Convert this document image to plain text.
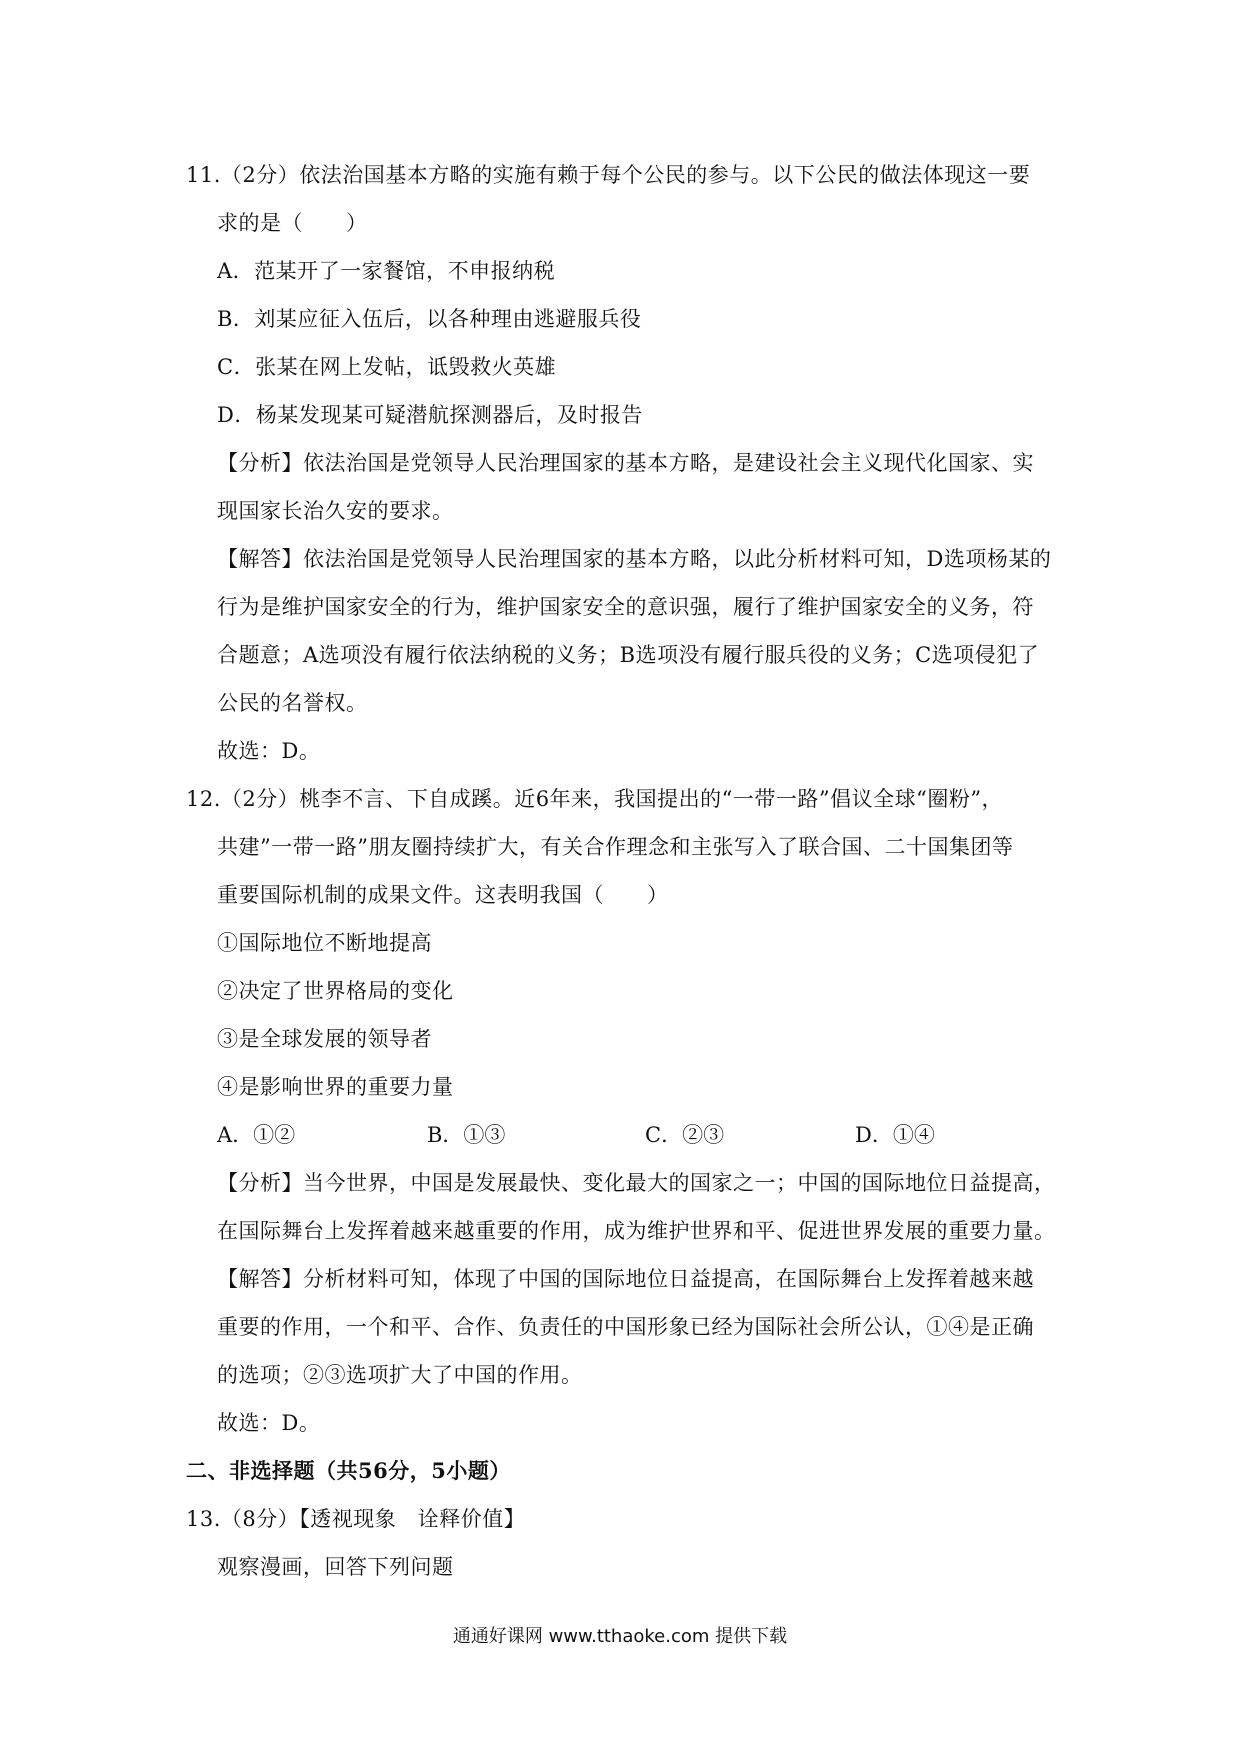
11.（2分）依法治国基本方略的实施有赖于每个公民的参与。以下公民的做法体现这一要
求的是（　　）
A．范某开了一家餐馆，不申报纳税
B．刘某应征入伍后，以各种理由逃避服兵役
C．张某在网上发帖，诋毁救火英雄
D．杨某发现某可疑潜航探测器后，及时报告
【分析】依法治国是党领导人民治理国家的基本方略，是建设社会主义现代化国家、实
现国家长治久安的要求。
【解答】依法治国是党领导人民治理国家的基本方略，以此分析材料可知，D选项杨某的
行为是维护国家安全的行为，维护国家安全的意识强，履行了维护国家安全的义务，符
合题意；A选项没有履行依法纳税的义务；B选项没有履行服兵役的义务；C选项侵犯了
公民的名誉权。
故选：D。
12.（2分）桃李不言、下自成蹊。近6年来，我国提出的“一带一路”倡议全球“圈粉”，
共建”一带一路”朋友圈持续扩大，有关合作理念和主张写入了联合国、二十国集团等
重要国际机制的成果文件。这表明我国（　　）
①国际地位不断地提高
②决定了世界格局的变化
③是全球发展的领导者
④是影响世界的重要力量
A．①②	B．①③	C．②③	D．①④
【分析】当今世界，中国是发展最快、变化最大的国家之一；中国的国际地位日益提高，
在国际舞台上发挥着越来越重要的作用，成为维护世界和平、促进世界发展的重要力量。
【解答】分析材料可知，体现了中国的国际地位日益提高，在国际舞台上发挥着越来越
重要的作用，一个和平、合作、负责任的中国形象已经为国际社会所公认，①④是正确
的选项；②③选项扩大了中国的作用。
故选：D。
二、非选择题（共56分，5小题）
13.（8分）【透视现象　诠释价值】
观察漫画，回答下列问题
通通好课网 www.tthaoke.com 提供下载
